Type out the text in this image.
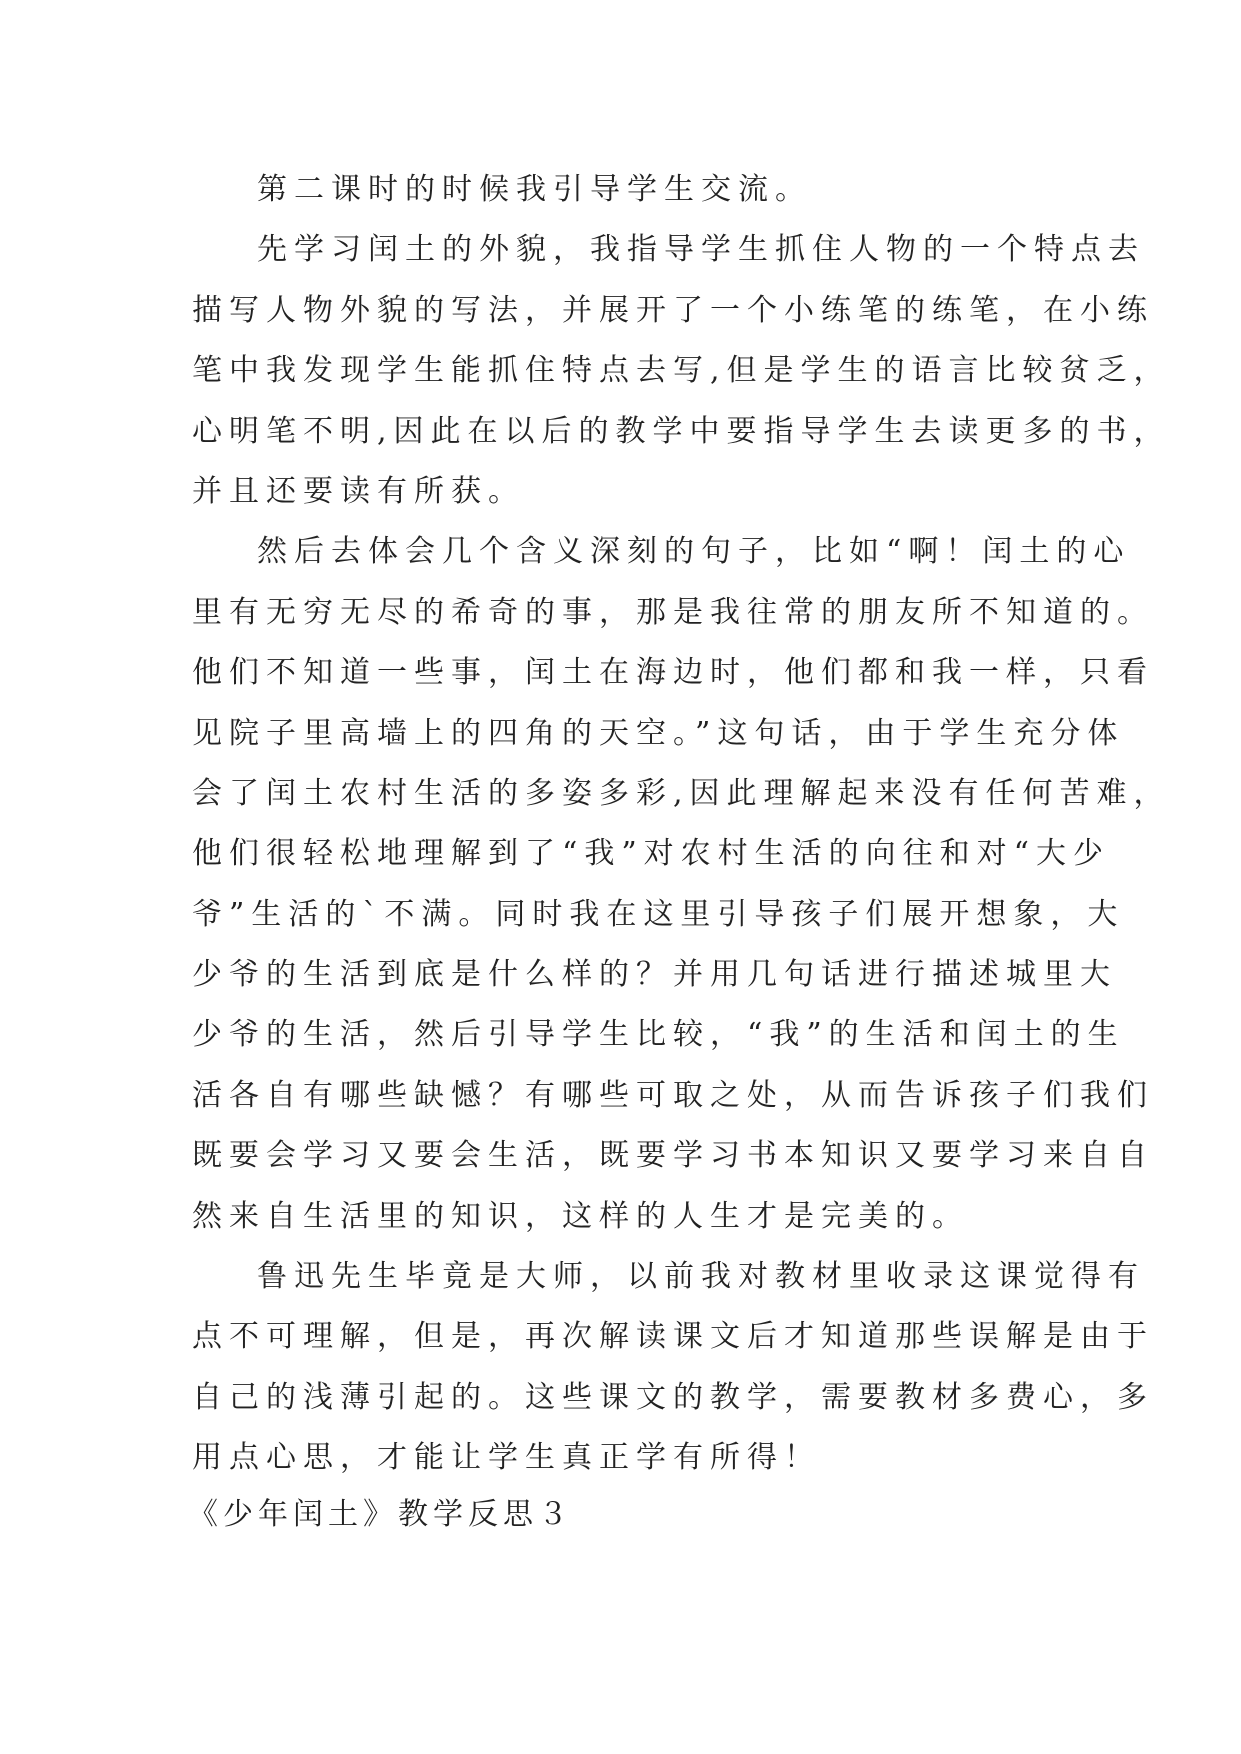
第二课时的时候我引导学生交流。
先学习闰土的外貌，我指导学生抓住人物的一个特点去
描写人物外貌的写法，并展开了一个小练笔的练笔，在小练
笔中我发现学生能抓住特点去写,但是学生的语言比较贫乏，
心明笔不明,因此在以后的教学中要指导学生去读更多的书，
并且还要读有所获。
然后去体会几个含义深刻的句子，比如“啊！闰土的心
里有无穷无尽的希奇的事，那是我往常的朋友所不知道的。
他们不知道一些事，闰土在海边时，他们都和我一样，只看
见院子里高墙上的四角的天空。”这句话，由于学生充分体
会了闰土农村生活的多姿多彩,因此理解起来没有任何苦难，
他们很轻松地理解到了“我”对农村生活的向往和对“大少
爷”生活的`不满。同时我在这里引导孩子们展开想象，大
少爷的生活到底是什么样的？并用几句话进行描述城里大
少爷的生活，然后引导学生比较，“我”的生活和闰土的生
活各自有哪些缺憾？有哪些可取之处，从而告诉孩子们我们
既要会学习又要会生活，既要学习书本知识又要学习来自自
然来自生活里的知识，这样的人生才是完美的。
鲁迅先生毕竟是大师，以前我对教材里收录这课觉得有
点不可理解，但是，再次解读课文后才知道那些误解是由于
自己的浅薄引起的。这些课文的教学，需要教材多费心，多
用点心思，才能让学生真正学有所得！
《少年闰土》教学反思３
